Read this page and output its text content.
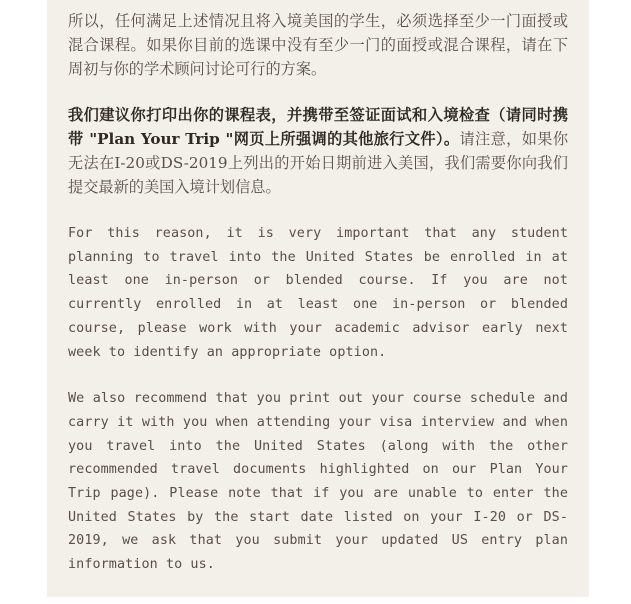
所以，任何满足上述情况且将入境美国的学生，必须选择至少一门面授或混合课程。如果你目前的选课中没有至少一门的面授或混合课程，请在下周初与你的学术顾问讨论可行的方案。

我们建议你打印出你的课程表，并携带至签证面试和入境检查（请同时携带 "Plan Your Trip "网页上所强调的其他旅行文件）。请注意，如果你无法在I-20或DS-2019上列出的开始日期前进入美国，我们需要你向我们提交最新的美国入境计划信息。

For this reason, it is very important that any student planning to travel into the United States be enrolled in at least one in-person or blended course. If you are not currently enrolled in at least one in-person or blended course, please work with your academic advisor early next week to identify an appropriate option.

We also recommend that you print out your course schedule and carry it with you when attending your visa interview and when you travel into the United States (along with the other recommended travel documents highlighted on our Plan Your Trip page). Please note that if you are unable to enter the United States by the start date listed on your I-20 or DS-2019, we ask that you submit your updated US entry plan information to us.
